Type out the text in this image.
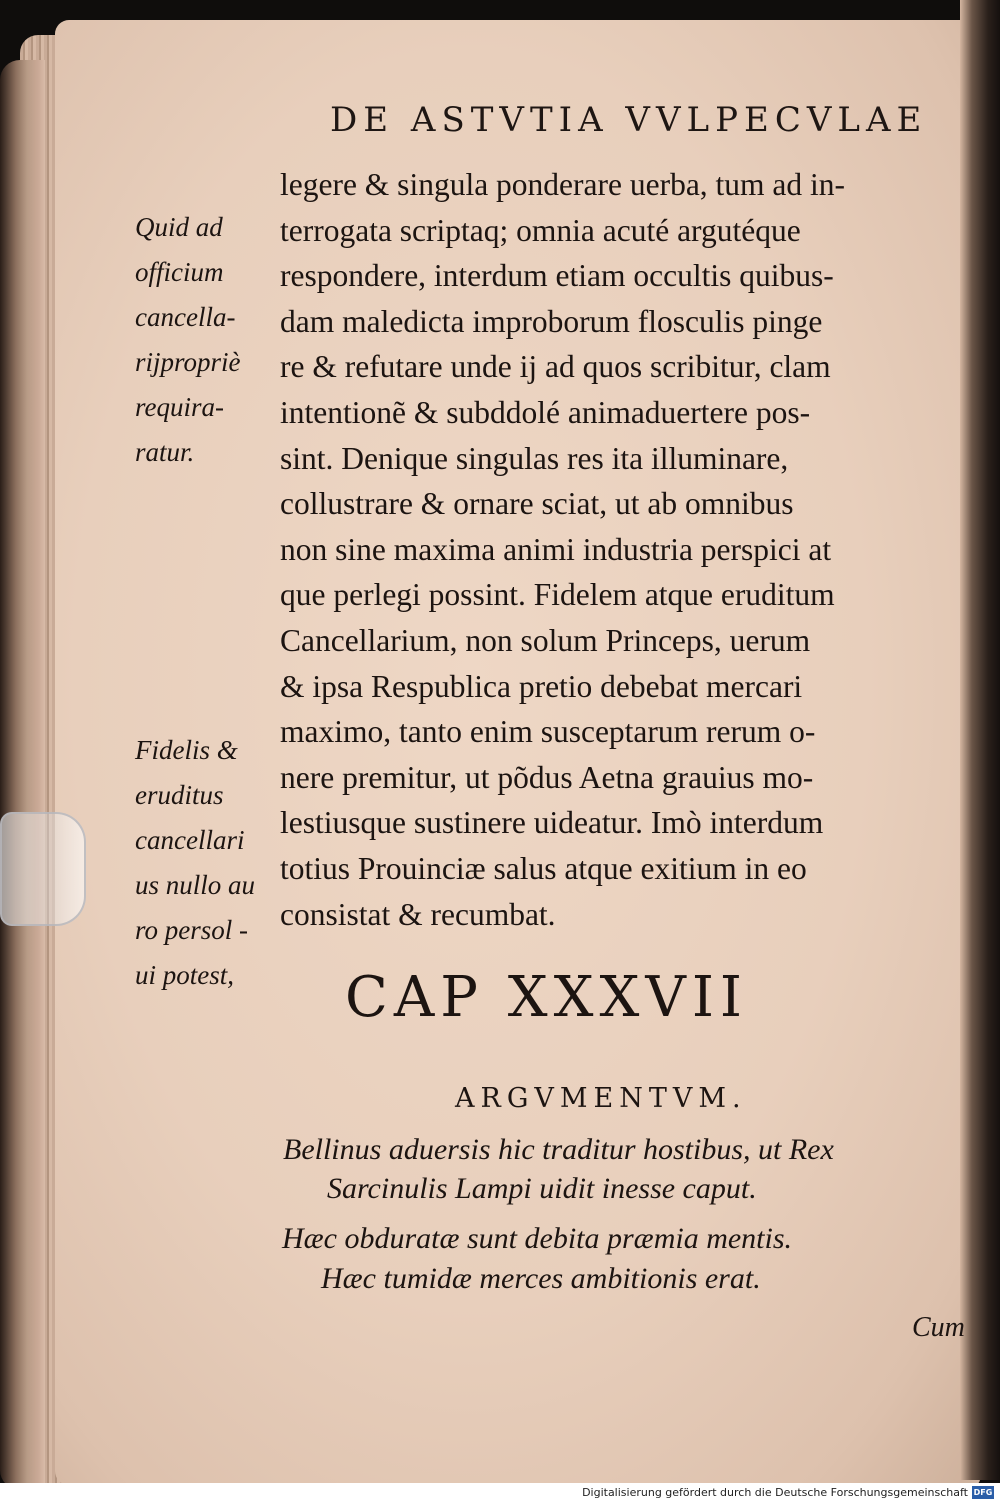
DE ASTVTIA VVLPECVLAE
legere & singula ponderare uerba, tum ad in-
terrogata scriptaq; omnia acuté argutéque
respondere, interdum etiam occultis quibus-
dam maledicta improborum flosculis pinge
re & refutare unde ij ad quos scribitur, clam
intentionẽ & subddolé animaduertere pos-
sint. Denique singulas res ita illuminare,
collustrare & ornare sciat, ut ab omnibus
non sine maxima animi industria perspici at
que perlegi possint. Fidelem atque eruditum
Cancellarium, non solum Princeps, uerum
& ipsa Respublica pretio debebat mercari
maximo, tanto enim susceptarum rerum o-
nere premitur, ut põdus Aetna grauius mo-
lestiusque sustinere uideatur. Imò interdum
totius Prouinciæ salus atque exitium in eo
consistat & recumbat.
Quid ad
officium
cancella-
rijpropriè
requira-
ratur.
Fidelis &
eruditus
cancellari
us nullo au
ro persol -
ui potest,	CAP XXXVII
ARGVMENTVM.
Bellinus aduersis hic traditur hostibus, ut Rex
Sarcinulis Lampi uidit inesse caput.
Hæc obduratæ sunt debita præmia mentis.
Hæc tumidæ merces ambitionis erat.
Cum
Digitalisierung gefördert durch die Deutsche Forschungsgemeinschaft DFG
